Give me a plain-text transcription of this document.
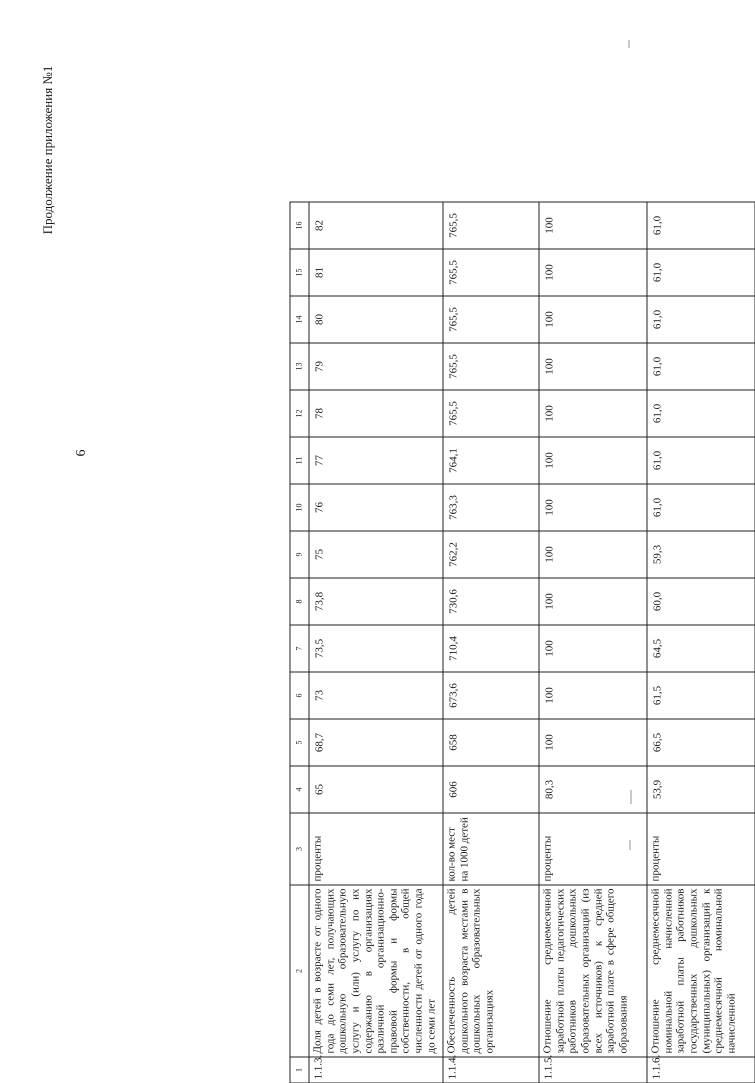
6
Продолжение приложения №1
1	2	3	4	5	6	7	8	9	10	11	12	13	14	15	16
1.1.3.	Доля детей в возрасте от одного года до семи лет, получающих дошкольную образовательную услугу и (или) услугу по их содержанию в организациях различной организационно-правовой формы и формы собственности, в общей численности детей от одного года до семи лет	проценты	65	68,7	73	73,5	73,8	75	76	77	78	79	80	81	82
1.1.4.	Обеспеченность детей дошкольного возраста местами в дошкольных образовательных организациях	кол-во мест на 1000 детей	606	658	673,6	710,4	730,6	762,2	763,3	764,1	765,5	765,5	765,5	765,5	765,5
1.1.5.	Отношение среднемесячной заработной платы педагогических работников дошкольных образовательных организаций (из всех источников) к средней заработной плате в сфере общего образования	проценты	80,3	100	100	100	100	100	100	100	100	100	100	100	100
1.1.6.	Отношение среднемесячной номинальной начисленной заработной платы работников государственных дошкольных (муниципальных) организаций к среднемесячной номинальной начисленной	проценты	53,9	66,5	61,5	64,5	60,0	59,3	61,0	61,0	61,0	61,0	61,0	61,0	61,0
